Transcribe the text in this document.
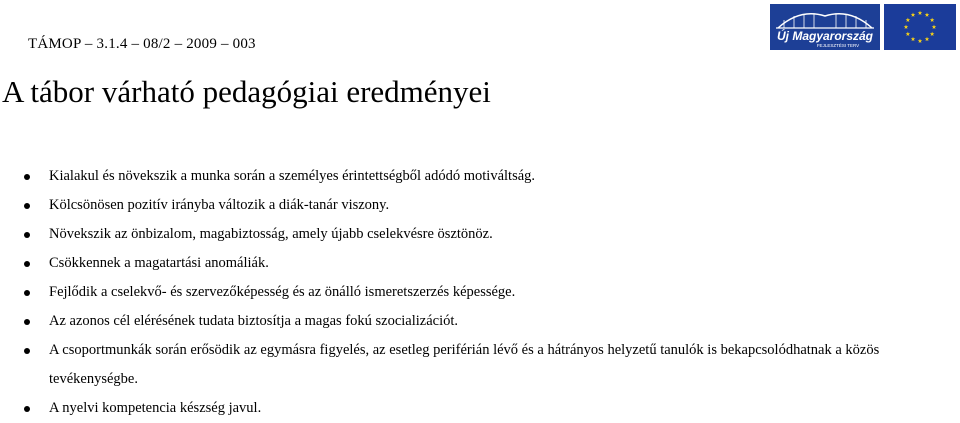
TÁMOP – 3.1.4 – 08/2 – 2009 – 003	Új Magyarország
FEJLESZTÉSI TERV
A tábor várható pedagógiai eredményei
Kialakul és növekszik a munka során a személyes érintettségből adódó motiváltság.
Kölcsönösen pozitív irányba változik a diák-tanár viszony.
Növekszik az önbizalom, magabiztosság, amely újabb cselekvésre ösztönöz.
Csökkennek a magatartási anomáliák.
Fejlődik a cselekvő- és szervezőképesség és az önálló ismeretszerzés képessége.
Az azonos cél elérésének tudata biztosítja a magas fokú szocializációt.
A csoportmunkák során erősödik az egymásra figyelés, az esetleg periférián lévő és a hátrányos helyzetű tanulók is bekapcsolódhatnak a közös tevékenységbe.
A nyelvi kompetencia készség javul.
